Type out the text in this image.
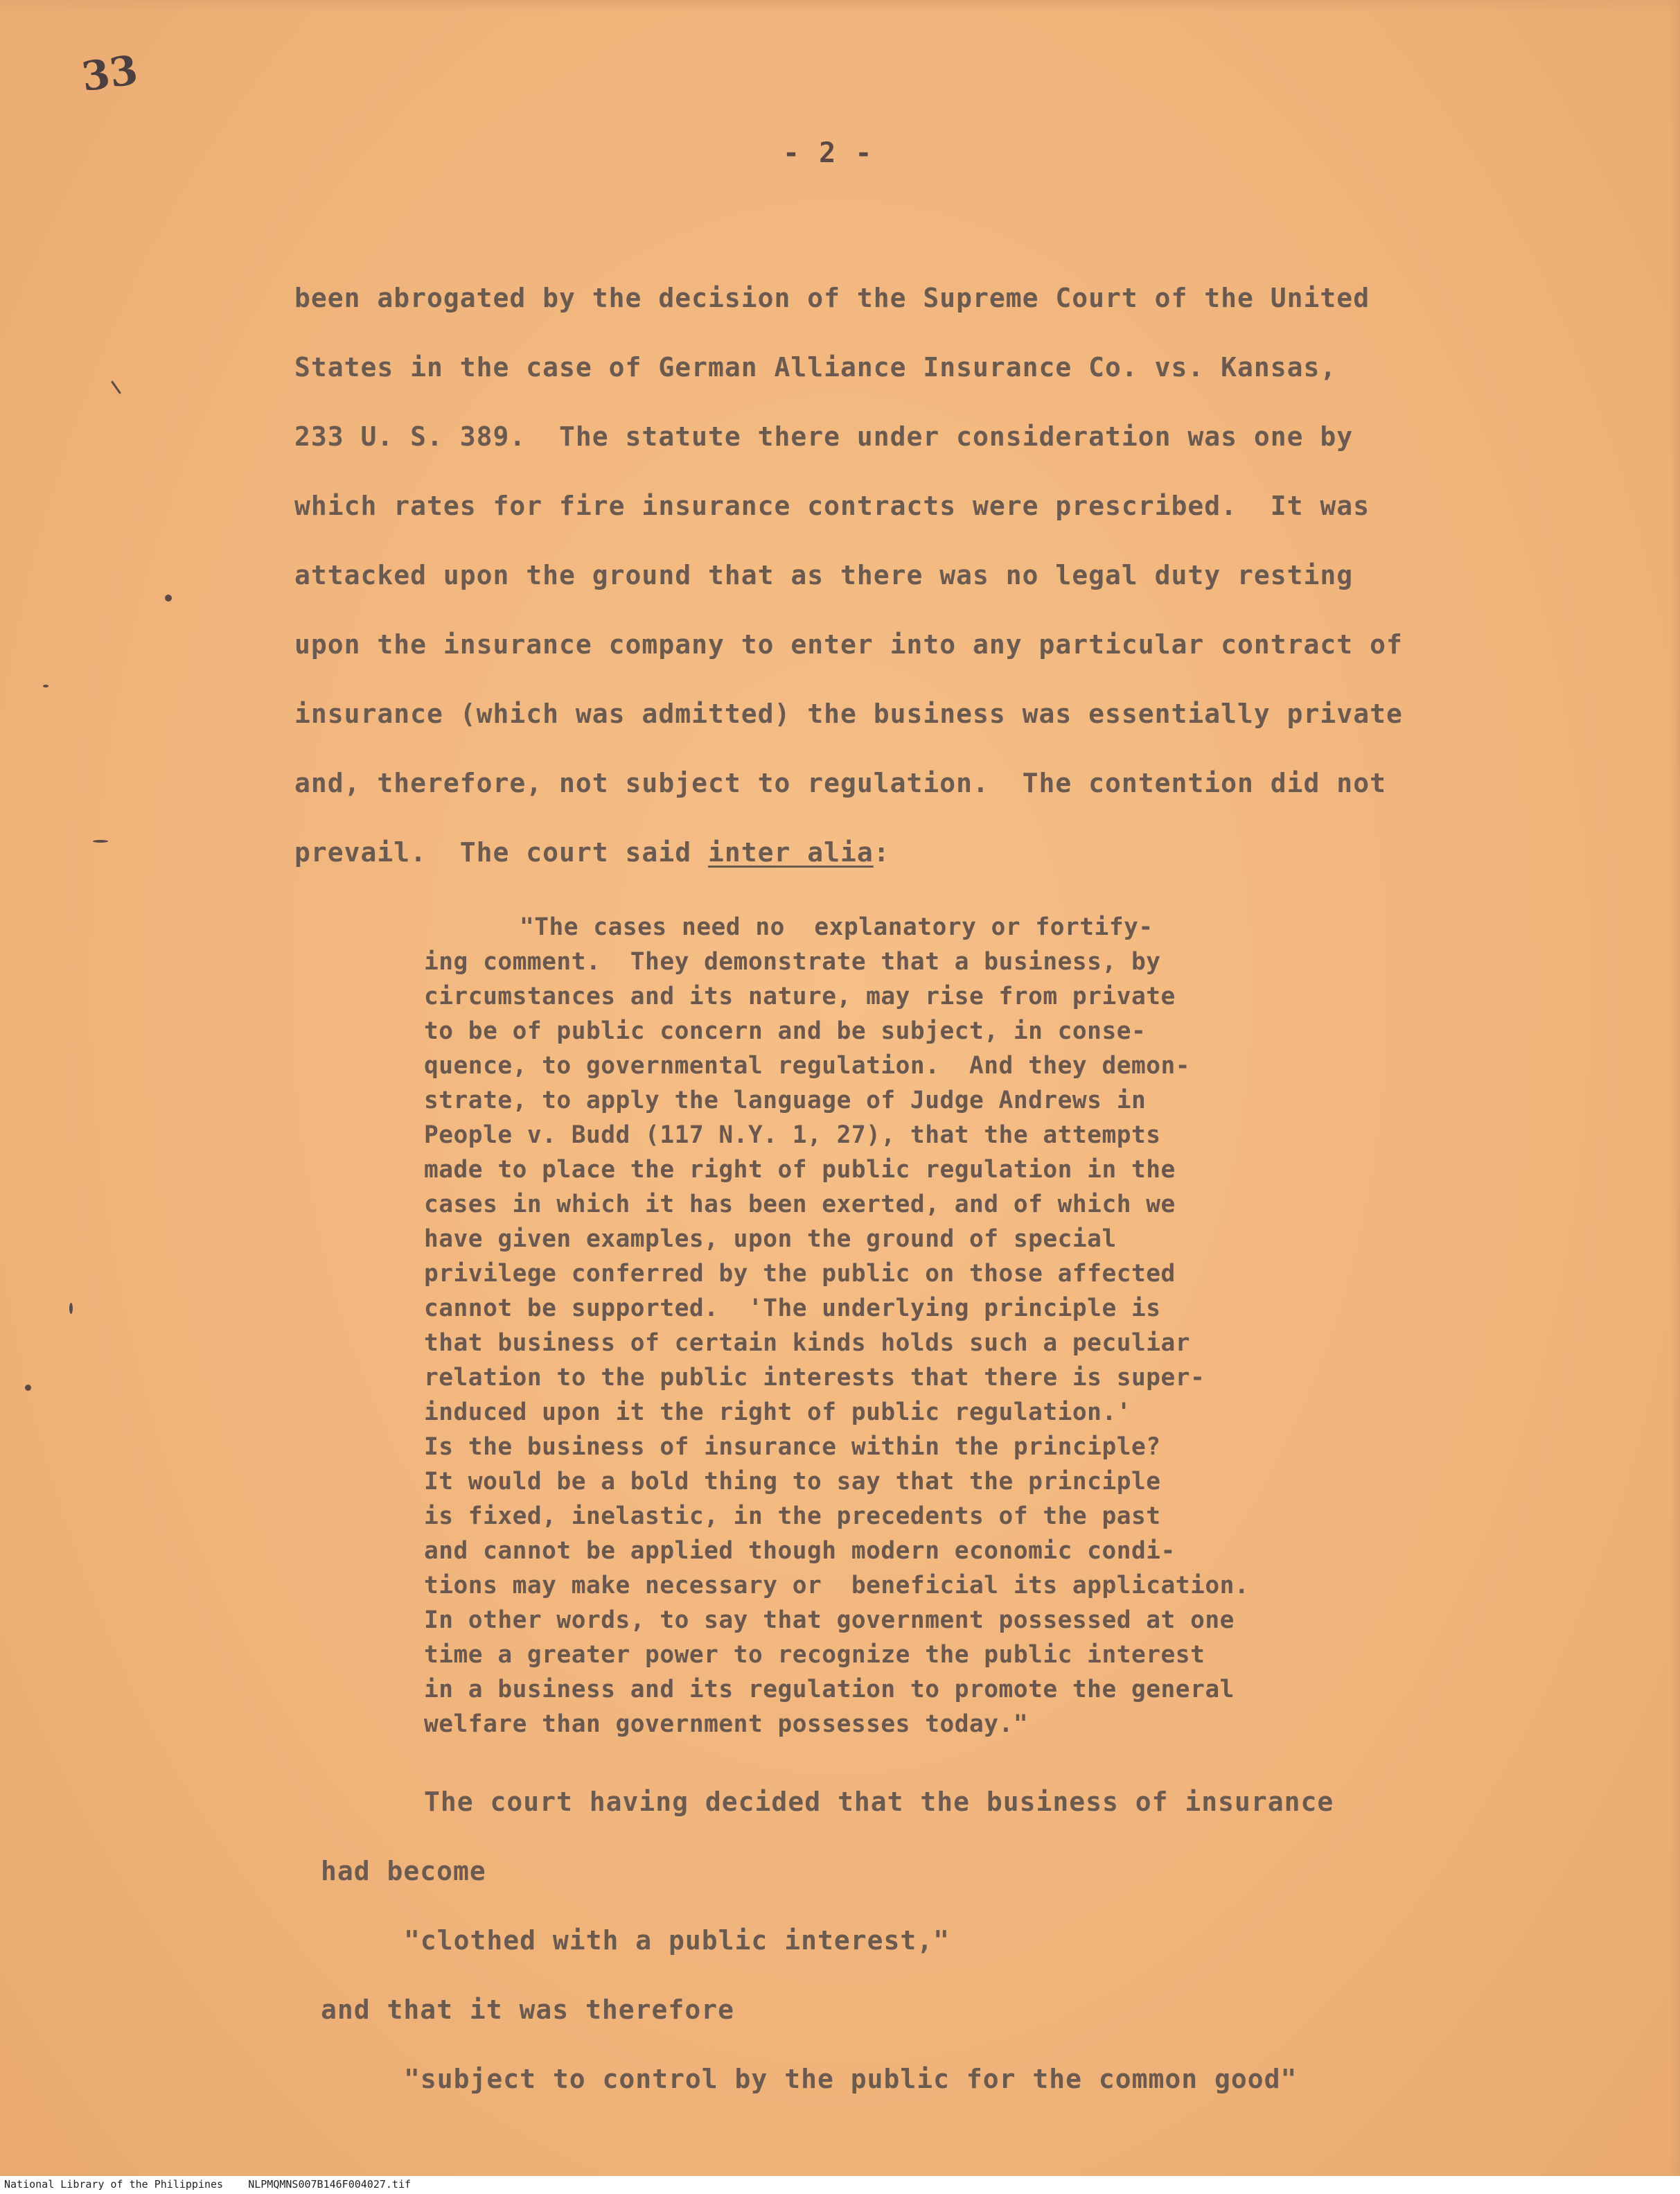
33
- 2 -
been abrogated by the decision of the Supreme Court of the United
States in the case of German Alliance Insurance Co. vs. Kansas,
233 U. S. 389.  The statute there under consideration was one by
which rates for fire insurance contracts were prescribed.  It was
attacked upon the ground that as there was no legal duty resting
upon the insurance company to enter into any particular contract of
insurance (which was admitted) the business was essentially private
and, therefore, not subject to regulation.  The contention did not
prevail.  The court said inter alia:
"The cases need no  explanatory or fortify-
ing comment.  They demonstrate that a business, by
circumstances and its nature, may rise from private
to be of public concern and be subject, in conse-
quence, to governmental regulation.  And they demon-
strate, to apply the language of Judge Andrews in
People v. Budd (117 N.Y. 1, 27), that the attempts
made to place the right of public regulation in the
cases in which it has been exerted, and of which we
have given examples, upon the ground of special
privilege conferred by the public on those affected
cannot be supported.  'The underlying principle is
that business of certain kinds holds such a peculiar
relation to the public interests that there is super-
induced upon it the right of public regulation.'
Is the business of insurance within the principle?
It would be a bold thing to say that the principle
is fixed, inelastic, in the precedents of the past
and cannot be applied though modern economic condi-
tions may make necessary or  beneficial its application.
In other words, to say that government possessed at one
time a greater power to recognize the public interest
in a business and its regulation to promote the general
welfare than government possesses today."
The court having decided that the business of insurance
had become
"clothed with a public interest,"
and that it was therefore
"subject to control by the public for the common good"
National Library of the Philippines    NLPMQMNS007B146F004027.tif
